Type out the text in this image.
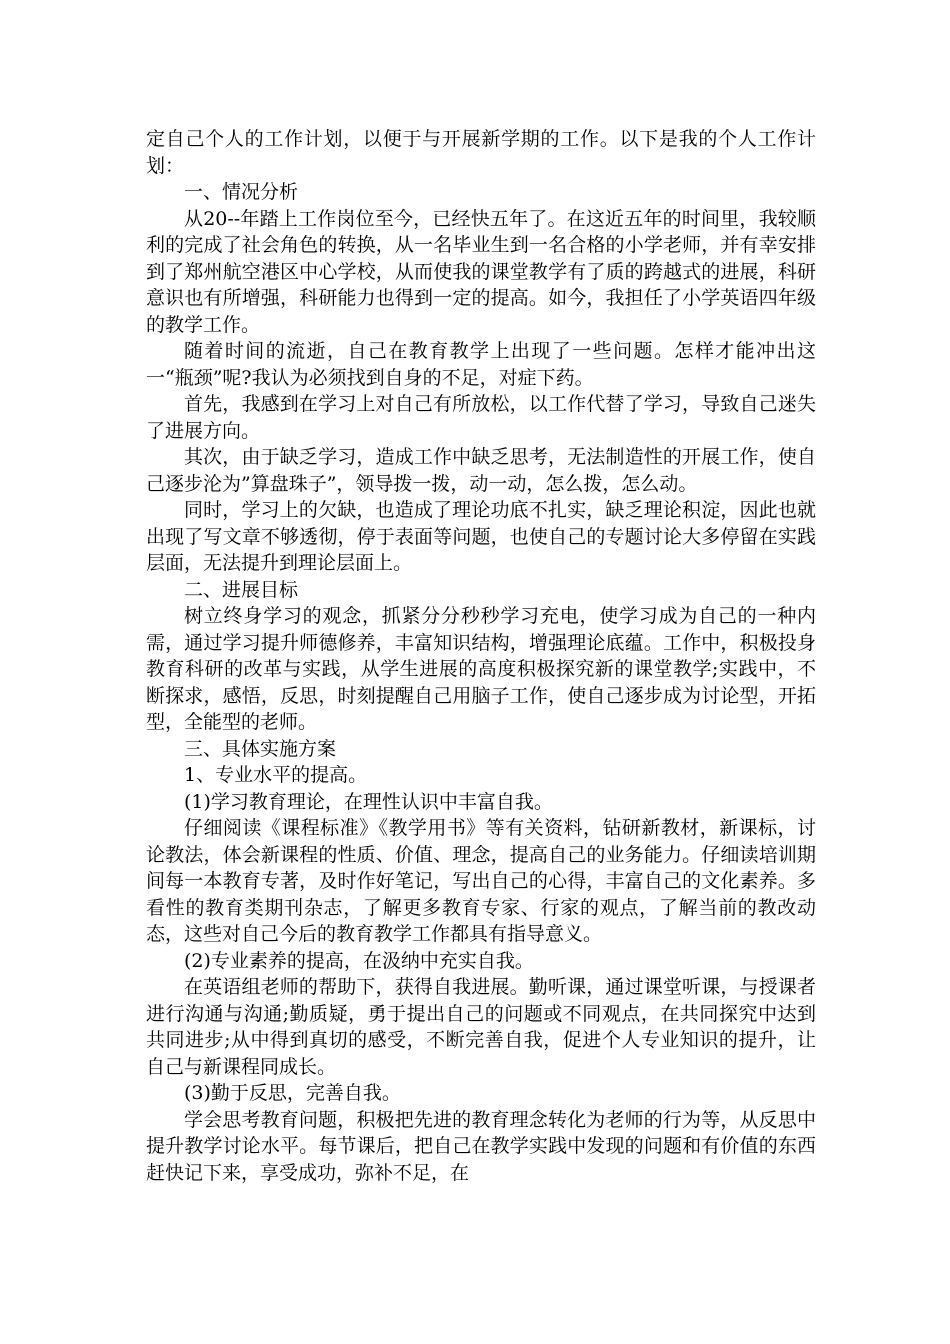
定自己个人的工作计划，以便于与开展新学期的工作。以下是我的个人工作计划：

一、情况分析

从20--年踏上工作岗位至今，已经快五年了。在这近五年的时间里，我较顺利的完成了社会角色的转换，从一名毕业生到一名合格的小学老师，并有幸安排到了郑州航空港区中心学校，从而使我的课堂教学有了质的跨越式的进展，科研意识也有所增强，科研能力也得到一定的提高。如今，我担任了小学英语四年级的教学工作。

随着时间的流逝，自己在教育教学上出现了一些问题。怎样才能冲出这一“瓶颈”呢?我认为必须找到自身的不足，对症下药。

首先，我感到在学习上对自己有所放松，以工作代替了学习，导致自己迷失了进展方向。

其次，由于缺乏学习，造成工作中缺乏思考，无法制造性的开展工作，使自己逐步沦为”算盘珠子”，领导拨一拨，动一动，怎么拨，怎么动。

同时，学习上的欠缺，也造成了理论功底不扎实，缺乏理论积淀，因此也就出现了写文章不够透彻，停于表面等问题，也使自己的专题讨论大多停留在实践层面，无法提升到理论层面上。

二、进展目标

树立终身学习的观念，抓紧分分秒秒学习充电，使学习成为自己的一种内需，通过学习提升师德修养，丰富知识结构，增强理论底蕴。工作中，积极投身教育科研的改革与实践，从学生进展的高度积极探究新的课堂教学;实践中，不断探求，感悟，反思，时刻提醒自己用脑子工作，使自己逐步成为讨论型，开拓型，全能型的老师。

三、具体实施方案

1、专业水平的提高。

(1)学习教育理论，在理性认识中丰富自我。

仔细阅读《课程标准》《教学用书》等有关资料，钻研新教材，新课标，讨论教法，体会新课程的性质、价值、理念，提高自己的业务能力。仔细读培训期间每一本教育专著，及时作好笔记，写出自己的心得，丰富自己的文化素养。多看性的教育类期刊杂志，了解更多教育专家、行家的观点，了解当前的教改动态，这些对自己今后的教育教学工作都具有指导意义。

(2)专业素养的提高，在汲纳中充实自我。

在英语组老师的帮助下，获得自我进展。勤听课，通过课堂听课，与授课者进行沟通与沟通;勤质疑，勇于提出自己的问题或不同观点，在共同探究中达到共同进步;从中得到真切的感受，不断完善自我，促进个人专业知识的提升，让自己与新课程同成长。

(3)勤于反思，完善自我。

学会思考教育问题，积极把先进的教育理念转化为老师的行为等，从反思中提升教学讨论水平。每节课后，把自己在教学实践中发现的问题和有价值的东西赶快记下来，享受成功，弥补不足，在
